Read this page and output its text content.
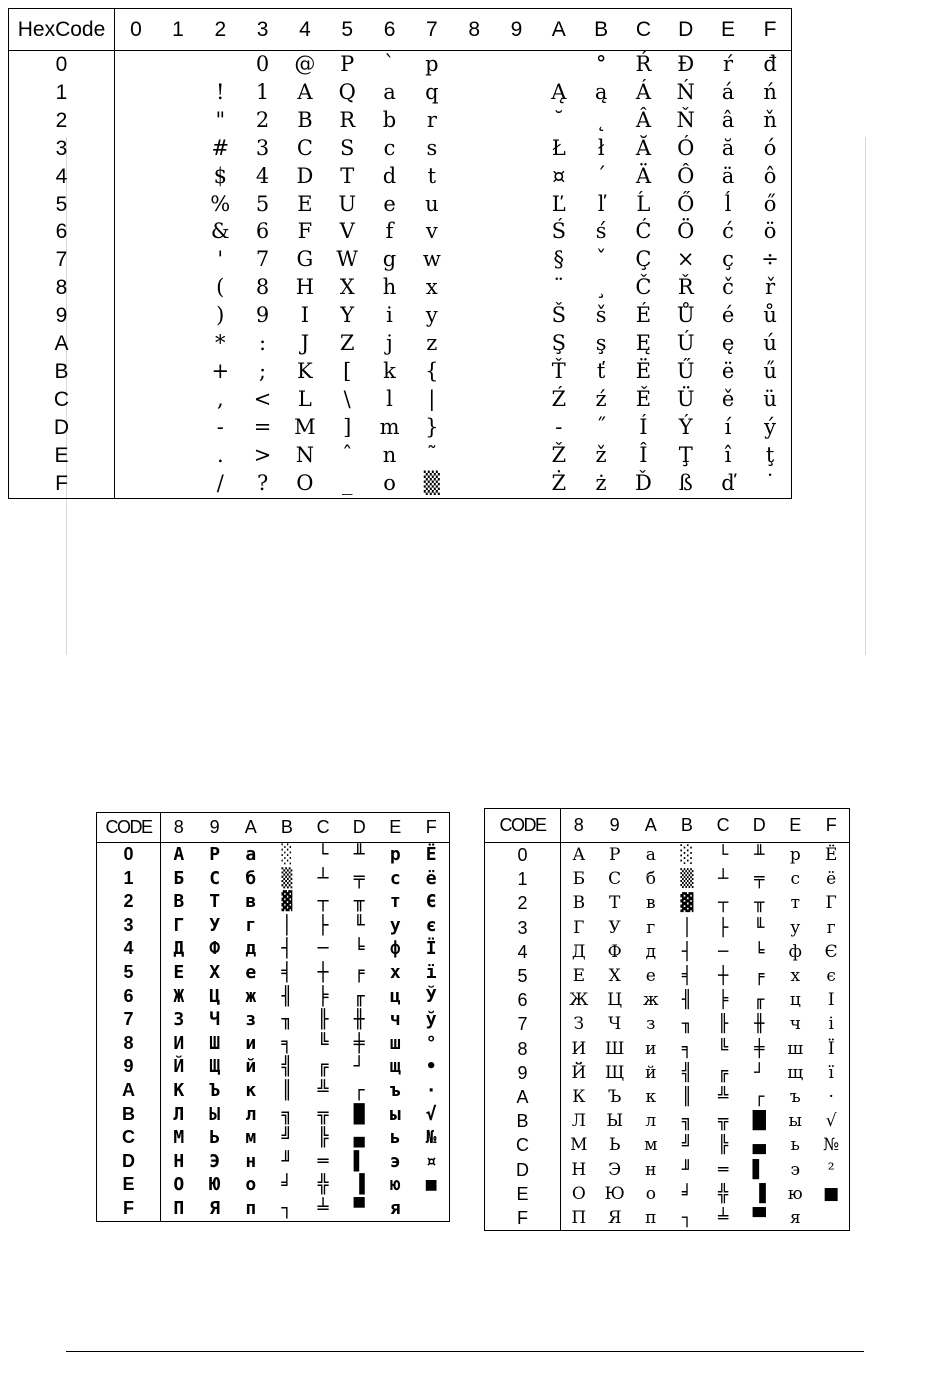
HexCode	0	1	2	3	4	5	6	7	8	9	A	B	C	D	E	F
0				0	@	P	`	p				°	Ŕ	Đ	ŕ	đ
1			!	1	A	Q	a	q			Ą	ą	Á	Ń	á	ń
2			"	2	B	R	b	r			˘	˛	Â	Ň	â	ň
3			#	3	C	S	c	s			Ł	ł	Ă	Ó	ă	ó
4			$	4	D	T	d	t			¤	´	Ä	Ô	ä	ô
5			%	5	E	U	e	u			Ľ	ľ	Ĺ	Ő	ĺ	ő
6			&	6	F	V	f	v			Ś	ś	Ć	Ö	ć	ö
7			'	7	G	W	g	w			§	ˇ	Ç	×	ç	÷
8			(	8	H	X	h	x			¨	¸	Č	Ř	č	ř
9			)	9	I	Y	i	y			Š	š	É	Ů	é	ů
A			*	:	J	Z	j	z			Ş	ş	Ę	Ú	ę	ú
B			+	;	K	[	k	{			Ť	ť	Ë	Ű	ë	ű
C			,	<	L	\	l	|			Ź	ź	Ě	Ü	ě	ü
D			-	=	M	]	m	}			-	˝	Í	Ý	í	ý
E			.	>	N	ˆ	n	˜			Ž	ž	Î	Ţ	î	ţ
F			/	?	O	_	o	▒			Ż	ż	Ď	ß	ď	˙
CODE	8	9	A	B	C	D	E	F
0	А	Р	а	░	└	╨	р	Ё
1	Б	С	б	▒	┴	╤	с	ё
2	В	Т	в	▓	┬	╥	т	Є
3	Г	У	г	│	├	╙	у	є
4	Д	Ф	д	┤	─	╘	ф	Ї
5	Е	Х	е	╡	┼	╒	х	ї
6	Ж	Ц	ж	╢	╞	╓	ц	Ў
7	З	Ч	з	╖	╟	╫	ч	ў
8	И	Ш	и	╕	╚	╪	ш	°
9	Й	Щ	й	╣	╔	┘	щ	•
A	К	Ъ	к	║	╩	┌	ъ	·
B	Л	Ы	л	╗	╦	█	ы	√
C	М	Ь	м	╝	╠	▄	ь	№
D	Н	Э	н	╜	═	▌	э	¤
E	О	Ю	о	╛	╬	▐	ю	■
F	П	Я	п	┐	╧	▀	я	
CODE	8	9	A	B	C	D	E	F
0	А	Р	а	░	└	╨	р	Ё
1	Б	С	б	▒	┴	╤	с	ё
2	В	Т	в	▓	┬	╥	т	Г
3	Г	У	г	│	├	╙	у	г
4	Д	Ф	д	┤	─	╘	ф	Є
5	Е	Х	е	╡	┼	╒	х	є
6	Ж	Ц	ж	╢	╞	╓	ц	І
7	З	Ч	з	╖	╟	╫	ч	і
8	И	Ш	и	╕	╚	╪	ш	Ї
9	Й	Щ	й	╣	╔	┘	щ	ї
A	К	Ъ	к	║	╩	┌	ъ	·
B	Л	Ы	л	╗	╦	█	ы	√
C	М	Ь	м	╝	╠	▄	ь	№
D	Н	Э	н	╜	═	▌	э	²
E	О	Ю	о	╛	╬	▐	ю	■
F	П	Я	п	┐	╧	▀	я	
